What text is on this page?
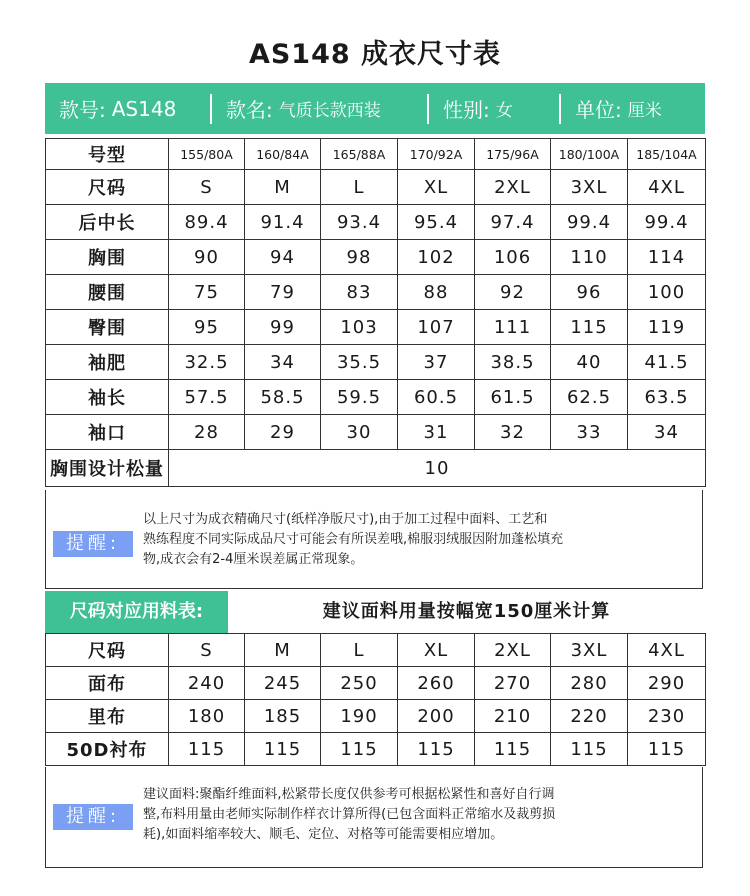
AS148 成衣尺寸表
款号: AS148 款名: 气质长款西装	性别: 女	单位: 厘米
号型	155/80A	160/84A	165/88A	170/92A	175/96A	180/100A	185/104A
尺码	S	M	L	XL	2XL	3XL	4XL
后中长	89.4	91.4	93.4	95.4	97.4	99.4	99.4
胸围	90	94	98	102	106	110	114
腰围	75	79	83	88	92	96	100
臀围	95	99	103	107	111	115	119
袖肥	32.5	34	35.5	37	38.5	40	41.5
袖长	57.5	58.5	59.5	60.5	61.5	62.5	63.5
袖口	28	29	30	31	32	33	34
胸围设计松量	10						
提醒:
以上尺寸为成衣精确尺寸(纸样净版尺寸),由于加工过程中面料、工艺和
熟练程度不同实际成品尺寸可能会有所误差哦,棉服羽绒服因附加蓬松填充
物,成衣会有2-4厘米误差属正常现象。
尺码对应用料表:	建议面料用量按幅宽150厘米计算
尺码	S	M	L	XL	2XL	3XL	4XL
面布	240	245	250	260	270	280	290
里布	180	185	190	200	210	220	230
50D衬布	115	115	115	115	115	115	115
提醒:
建议面料:聚酯纤维面料,松紧带长度仅供参考可根据松紧性和喜好自行调
整,布料用量由老师实际制作样衣计算所得(已包含面料正常缩水及裁剪损
耗),如面料缩率较大、顺毛、定位、对格等可能需要相应增加。
